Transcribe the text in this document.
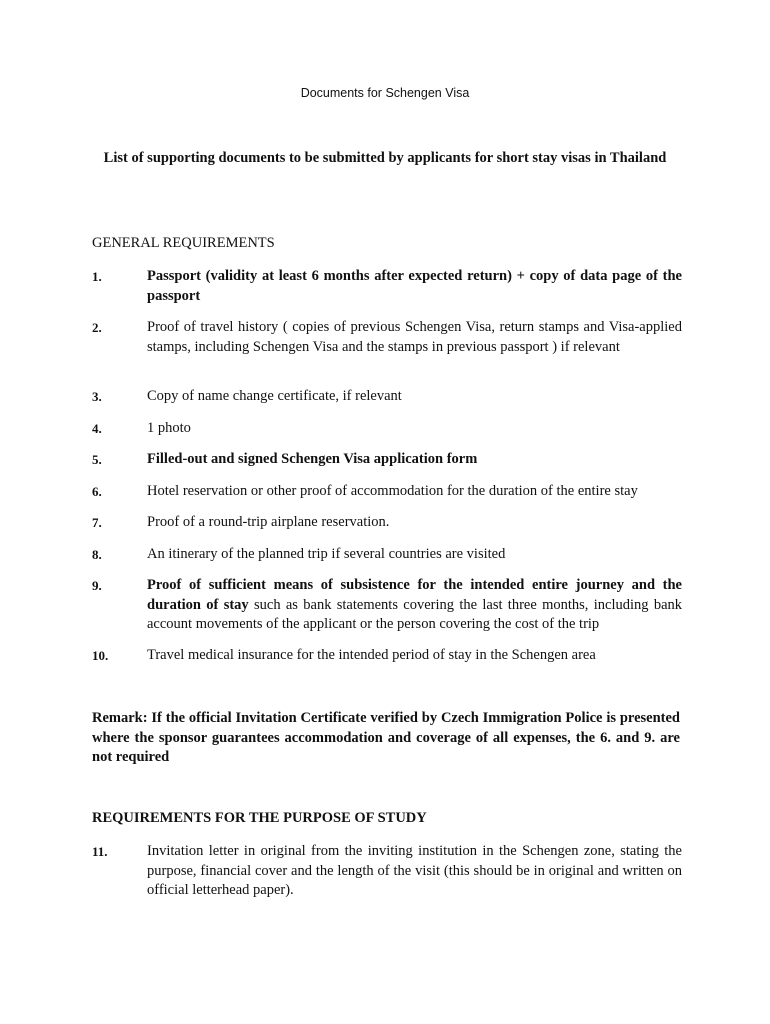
Documents for Schengen Visa
List of supporting documents to be submitted by applicants for short stay visas in Thailand
GENERAL REQUIREMENTS
1.	Passport (validity at least 6 months after expected return) + copy of data page of the passport
2.	Proof of travel history ( copies of previous Schengen Visa, return stamps and Visa-applied stamps, including Schengen Visa and the stamps in previous passport ) if relevant
3.	Copy of name change certificate, if relevant
4.	1 photo
5.	Filled-out and signed Schengen Visa application form
6.	Hotel reservation or other proof of accommodation for the duration of the entire stay
7.	Proof of a round-trip airplane reservation.
8.	An itinerary of the planned trip if several countries are visited
9.	Proof of sufficient means of subsistence for the intended entire journey and the duration of stay such as bank statements covering the last three months, including bank account movements of the applicant or the person covering the cost of the trip
10.	Travel medical insurance for the intended period of stay in the Schengen area
Remark: If the official Invitation Certificate verified by Czech Immigration Police is presented where the sponsor guarantees accommodation and coverage of all expenses, the 6. and 9. are not required
REQUIREMENTS FOR THE PURPOSE OF STUDY
11.	Invitation letter in original from the inviting institution in the Schengen zone, stating the purpose, financial cover and the length of the visit (this should be in original and written on official letterhead paper).
